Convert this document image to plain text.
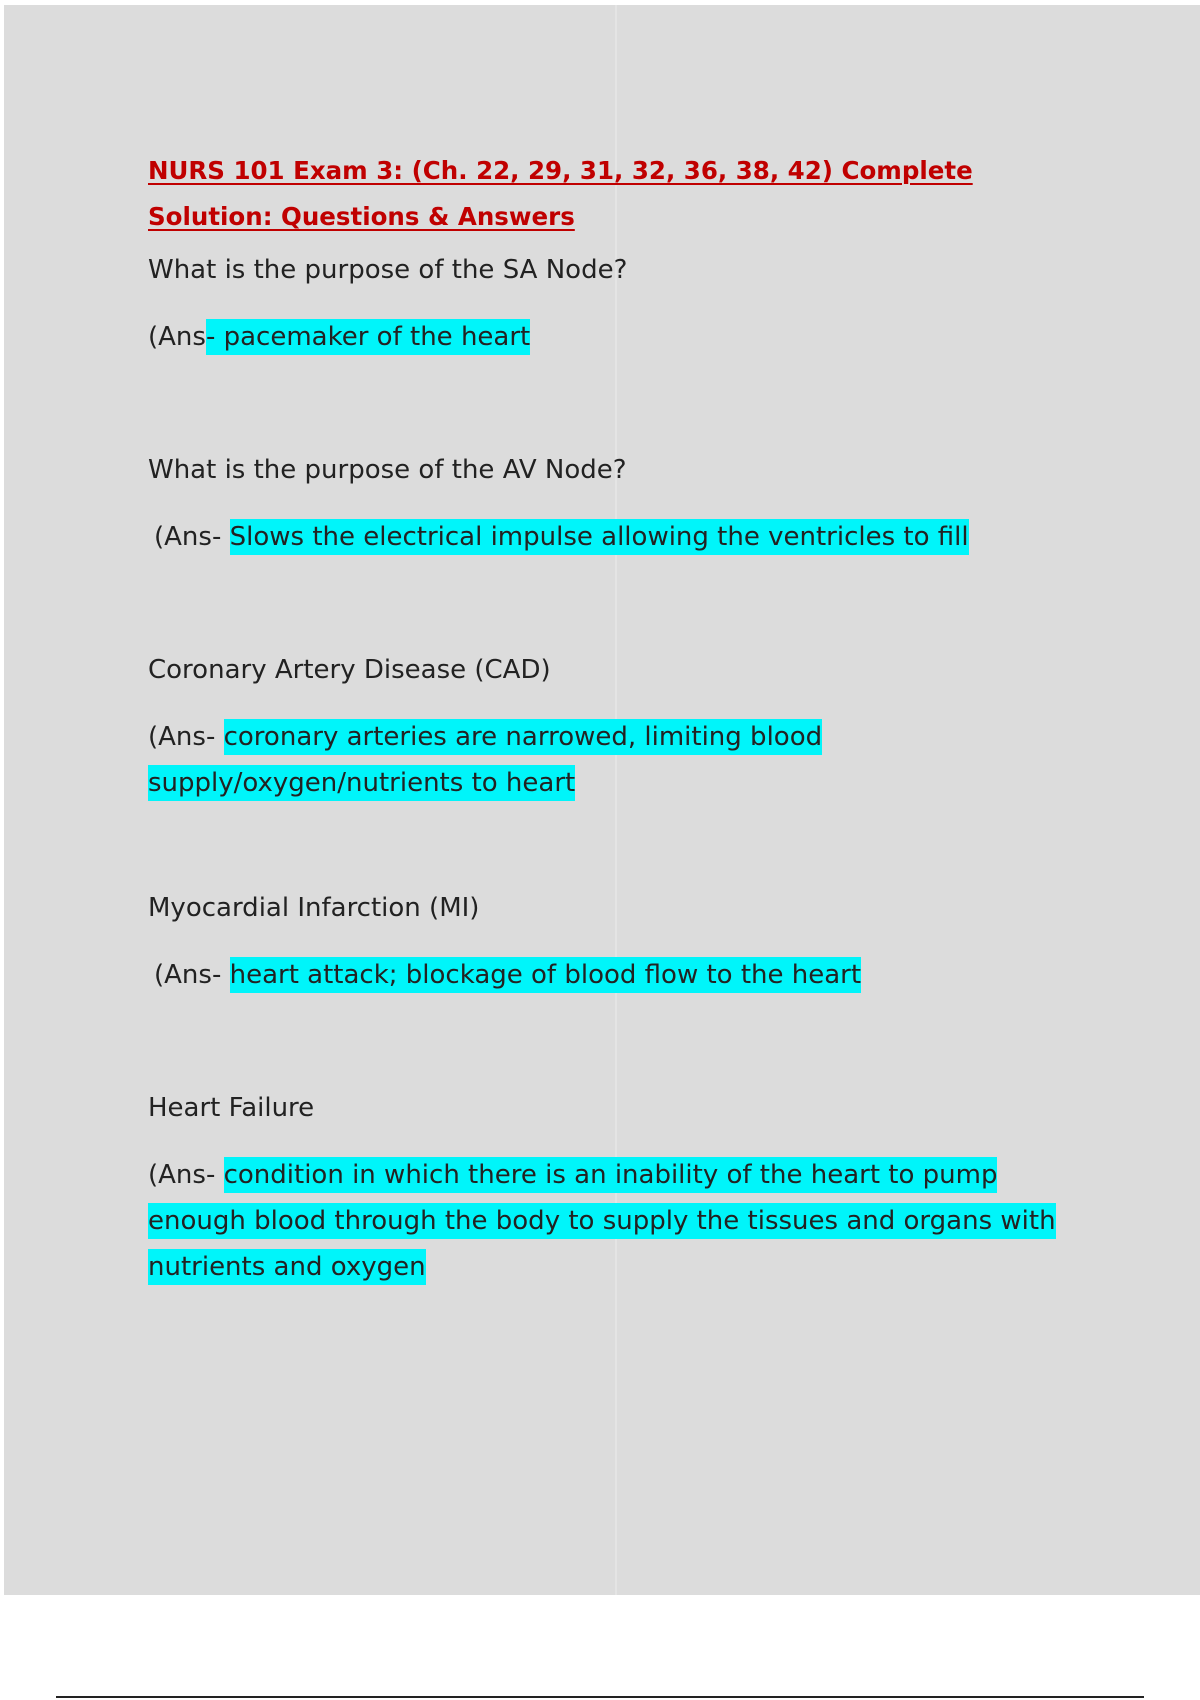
NURS 101 Exam 3: (Ch. 22, 29, 31, 32, 36, 38, 42) Complete Solution: Questions & Answers
What is the purpose of the SA Node?
(Ans- pacemaker of the heart
What is the purpose of the AV Node?
(Ans- Slows the electrical impulse allowing the ventricles to fill
Coronary Artery Disease (CAD)
(Ans- coronary arteries are narrowed, limiting blood supply/oxygen/nutrients to heart
Myocardial Infarction (MI)
(Ans- heart attack; blockage of blood flow to the heart
Heart Failure
(Ans- condition in which there is an inability of the heart to pump enough blood through the body to supply the tissues and organs with nutrients and oxygen
